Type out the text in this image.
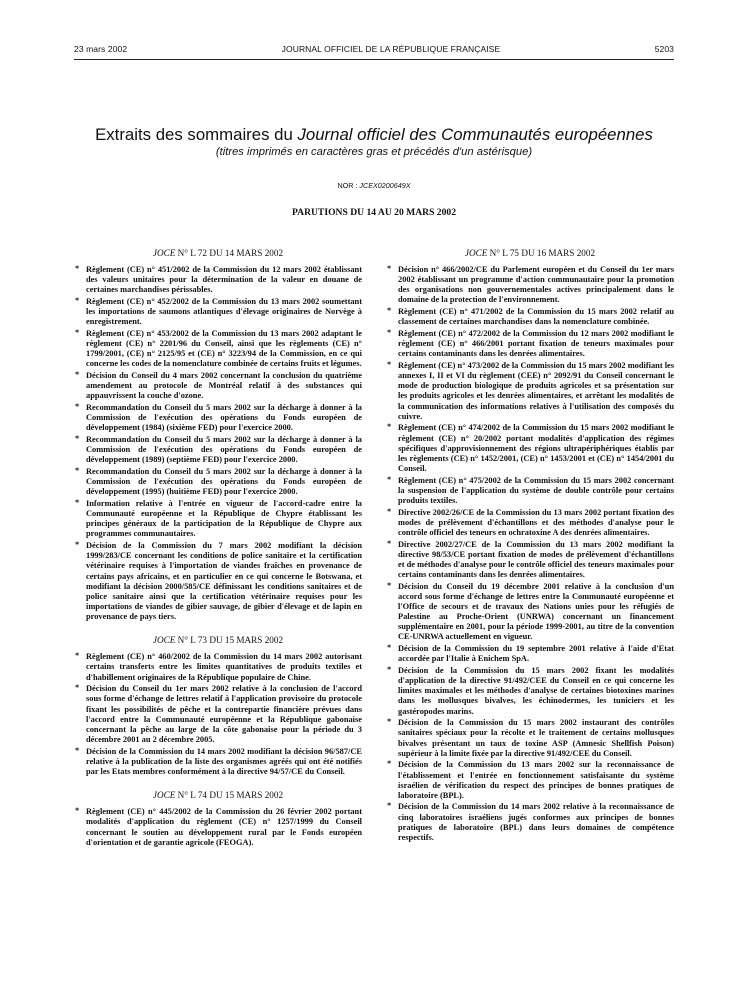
23 mars 2002	JOURNAL OFFICIEL DE LA RÉPUBLIQUE FRANÇAISE	5203
Extraits des sommaires du Journal officiel des Communautés européennes
(titres imprimés en caractères gras et précédés d'un astérisque)
NOR : JCEX0200649X
PARUTIONS DU 14 AU 20 MARS 2002
JOCE N° L 72 DU 14 MARS 2002
* Règlement (CE) n° 451/2002 de la Commission du 12 mars 2002 établissant des valeurs unitaires pour la détermination de la valeur en douane de certaines marchandises périssables.
* Règlement (CE) n° 452/2002 de la Commission du 13 mars 2002 soumettant les importations de saumons atlantiques d'élevage originaires de Norvège à enregistrement.
* Règlement (CE) n° 453/2002 de la Commission du 13 mars 2002 adaptant le règlement (CE) n° 2201/96 du Conseil, ainsi que les règlements (CE) n° 1799/2001, (CE) n° 2125/95 et (CE) n° 3223/94 de la Commission, en ce qui concerne les codes de la nomenclature combinée de certains fruits et légumes.
* Décision du Conseil du 4 mars 2002 concernant la conclusion du quatrième amendement au protocole de Montréal relatif à des substances qui appauvrissent la couche d'ozone.
* Recommandation du Conseil du 5 mars 2002 sur la décharge à donner à la Commission de l'exécution des opérations du Fonds européen de développement (1984) (sixième FED) pour l'exercice 2000.
* Recommandation du Conseil du 5 mars 2002 sur la décharge à donner à la Commission de l'exécution des opérations du Fonds européen de développement (1989) (septième FED) pour l'exercice 2000.
* Recommandation du Conseil du 5 mars 2002 sur la décharge à donner à la Commission de l'exécution des opérations du Fonds européen de développement (1995) (huitième FED) pour l'exercice 2000.
* Information relative à l'entrée en vigueur de l'accord-cadre entre la Communauté européenne et la République de Chypre établissant les principes généraux de la participation de la République de Chypre aux programmes communautaires.
* Décision de la Commission du 7 mars 2002 modifiant la décision 1999/283/CE concernant les conditions de police sanitaire et la certification vétérinaire requises à l'importation de viandes fraîches en provenance de certains pays africains, et en particulier en ce qui concerne le Botswana, et modifiant la décision 2000/585/CE définissant les conditions sanitaires et de police sanitaire ainsi que la certification vétérinaire requises pour les importations de viandes de gibier sauvage, de gibier d'élevage et de lapin en provenance de pays tiers.
JOCE N° L 73 DU 15 MARS 2002
* Règlement (CE) n° 460/2002 de la Commission du 14 mars 2002 autorisant certains transferts entre les limites quantitatives de produits textiles et d'habillement originaires de la République populaire de Chine.
* Décision du Conseil du 1er mars 2002 relative à la conclusion de l'accord sous forme d'échange de lettres relatif à l'application provisoire du protocole fixant les possibilités de pêche et la contrepartie financière prévues dans l'accord entre la Communauté européenne et la République gabonaise concernant la pêche au large de la côte gabonaise pour la période du 3 décembre 2001 au 2 décembre 2005.
* Décision de la Commission du 14 mars 2002 modifiant la décision 96/587/CE relative à la publication de la liste des organismes agréés qui ont été notifiés par les Etats membres conformément à la directive 94/57/CE du Conseil.
JOCE N° L 74 DU 15 MARS 2002
* Règlement (CE) n° 445/2002 de la Commission du 26 février 2002 portant modalités d'application du règlement (CE) n° 1257/1999 du Conseil concernant le soutien au développement rural par le Fonds européen d'orientation et de garantie agricole (FEOGA).
JOCE N° L 75 DU 16 MARS 2002
* Décision n° 466/2002/CE du Parlement européen et du Conseil du 1er mars 2002 établissant un programme d'action communautaire pour la promotion des organisations non gouvernementales actives principalement dans le domaine de la protection de l'environnement.
* Règlement (CE) n° 471/2002 de la Commission du 15 mars 2002 relatif au classement de certaines marchandises dans la nomenclature combinée.
* Règlement (CE) n° 472/2002 de la Commission du 12 mars 2002 modifiant le règlement (CE) n° 466/2001 portant fixation de teneurs maximales pour certains contaminants dans les denrées alimentaires.
* Règlement (CE) n° 473/2002 de la Commission du 15 mars 2002 modifiant les annexes I, II et VI du règlement (CEE) n° 2092/91 du Conseil concernant le mode de production biologique de produits agricoles et sa présentation sur les produits agricoles et les denrées alimentaires, et arrêtant les modalités de la communication des informations relatives à l'utilisation des composés du cuivre.
* Règlement (CE) n° 474/2002 de la Commission du 15 mars 2002 modifiant le règlement (CE) n° 20/2002 portant modalités d'application des régimes spécifiques d'approvisionnement des régions ultrapériphériques établis par les règlements (CE) n° 1452/2001, (CE) n° 1453/2001 et (CE) n° 1454/2001 du Conseil.
* Règlement (CE) n° 475/2002 de la Commission du 15 mars 2002 concernant la suspension de l'application du système de double contrôle pour certains produits textiles.
* Directive 2002/26/CE de la Commission du 13 mars 2002 portant fixation des modes de prélèvement d'échantillons et des méthodes d'analyse pour le contrôle officiel des teneurs en ochratoxine A des denrées alimentaires.
* Directive 2002/27/CE de la Commission du 13 mars 2002 modifiant la directive 98/53/CE portant fixation de modes de prélèvement d'échantillons et de méthodes d'analyse pour le contrôle officiel des teneurs maximales pour certains contaminants dans les denrées alimentaires.
* Décision du Conseil du 19 décembre 2001 relative à la conclusion d'un accord sous forme d'échange de lettres entre la Communauté européenne et l'Office de secours et de travaux des Nations unies pour les réfugiés de Palestine au Proche-Orient (UNRWA) concernant un financement supplémentaire en 2001, pour la période 1999-2001, au titre de la convention CE-UNRWA actuellement en vigueur.
* Décision de la Commission du 19 septembre 2001 relative à l'aide d'Etat accordée par l'Italie à Enichem SpA.
* Décision de la Commission du 15 mars 2002 fixant les modalités d'application de la directive 91/492/CEE du Conseil en ce qui concerne les limites maximales et les méthodes d'analyse de certaines biotoxines marines dans les mollusques bivalves, les échinodermes, les tuniciers et les gastéropodes marins.
* Décision de la Commission du 15 mars 2002 instaurant des contrôles sanitaires spéciaux pour la récolte et le traitement de certains mollusques bivalves présentant un taux de toxine ASP (Amnesic Shellfish Poison) supérieur à la limite fixée par la directive 91/492/CEE du Conseil.
* Décision de la Commission du 13 mars 2002 sur la reconnaissance de l'établissement et l'entrée en fonctionnement satisfaisante du système israélien de vérification du respect des principes de bonnes pratiques de laboratoire (BPL).
* Décision de la Commission du 14 mars 2002 relative à la reconnaissance de cinq laboratoires israéliens jugés conformes aux principes de bonnes pratiques de laboratoire (BPL) dans leurs domaines de compétence respectifs.
